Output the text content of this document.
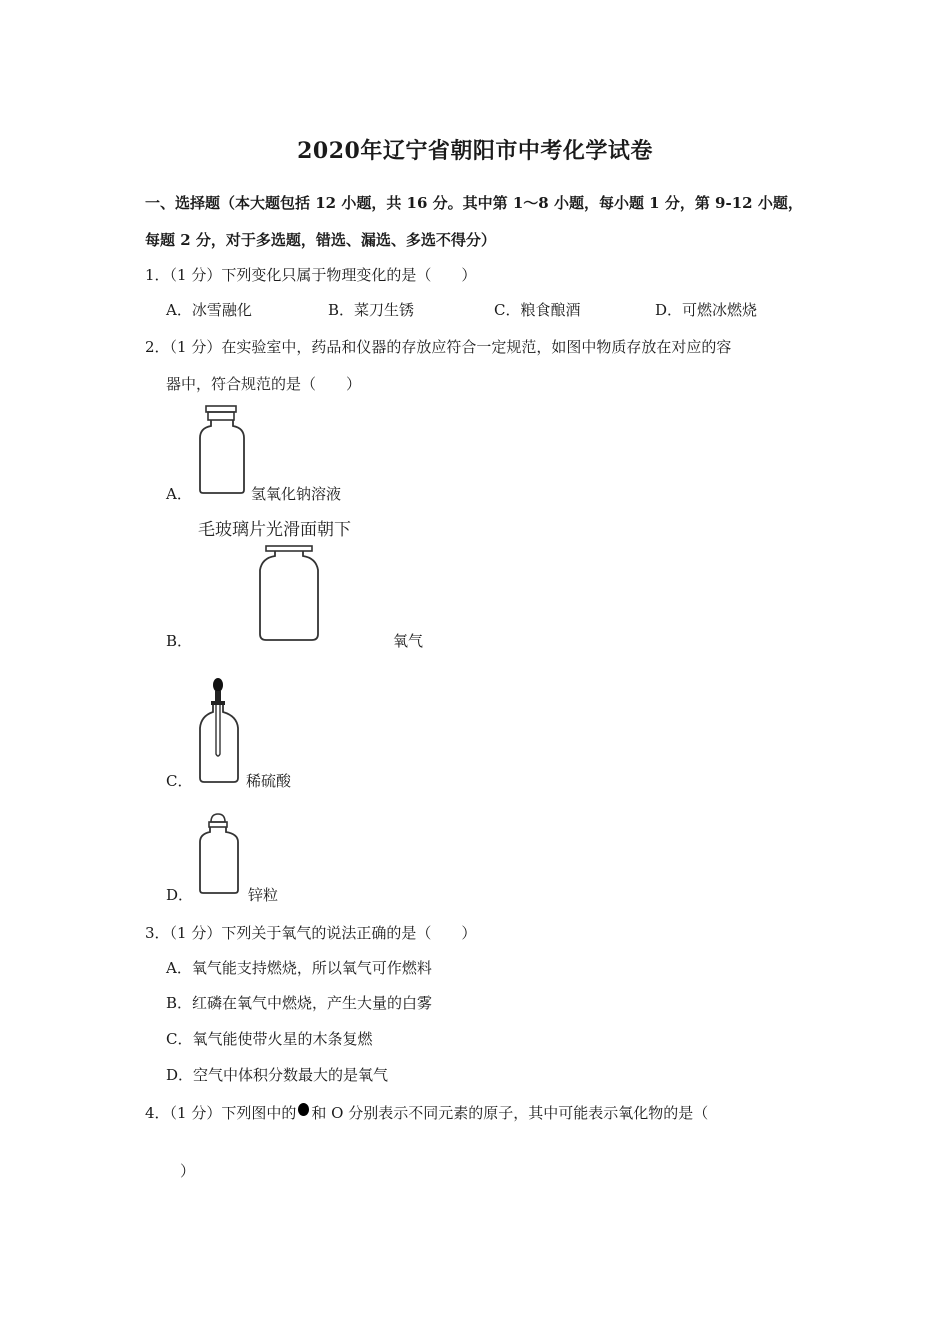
2020年辽宁省朝阳市中考化学试卷
一、选择题（本大题包括 12 小题，共 16 分。其中第 1～8 小题，每小题 1 分，第 9-12 小题，
每题 2 分，对于多选题，错选、漏选、多选不得分）
1．（1 分）下列变化只属于物理变化的是（　　）
A．冰雪融化	B．菜刀生锈	C．粮食酿酒	D．可燃冰燃烧
2．（1 分）在实验室中，药品和仪器的存放应符合一定规范，如图中物质存放在对应的容
器中，符合规范的是（　　）
A．	氢氧化钠溶液
毛玻璃片光滑面朝下
B．	氧气
C．	稀硫酸
D．	锌粒
3．（1 分）下列关于氧气的说法正确的是（　　）
A．氧气能支持燃烧，所以氧气可作燃料
B．红磷在氧气中燃烧，产生大量的白雾
C．氧气能使带火星的木条复燃
D．空气中体积分数最大的是氧气
4．（1 分）下列图中的 和 O 分别表示不同元素的原子，其中可能表示氧化物的是（
）
